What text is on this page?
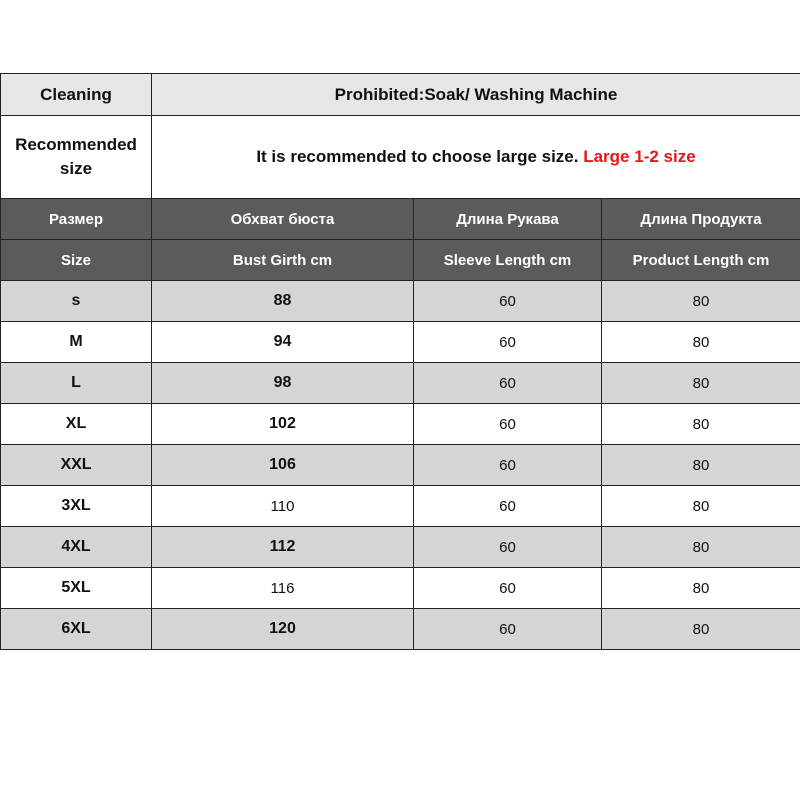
Cleaning	Prohibited:Soak/ Washing Machine		
Recommended
size	It is recommended to choose large size. Large 1-2 size		
Размер	Обхват бюста	Длина Рукава	Длина Продукта
Size	Bust Girth cm	Sleeve Length cm	Product Length cm
s	88	60	80
M	94	60	80
L	98	60	80
XL	102	60	80
XXL	106	60	80
3XL	110	60	80
4XL	112	60	80
5XL	116	60	80
6XL	120	60	80
